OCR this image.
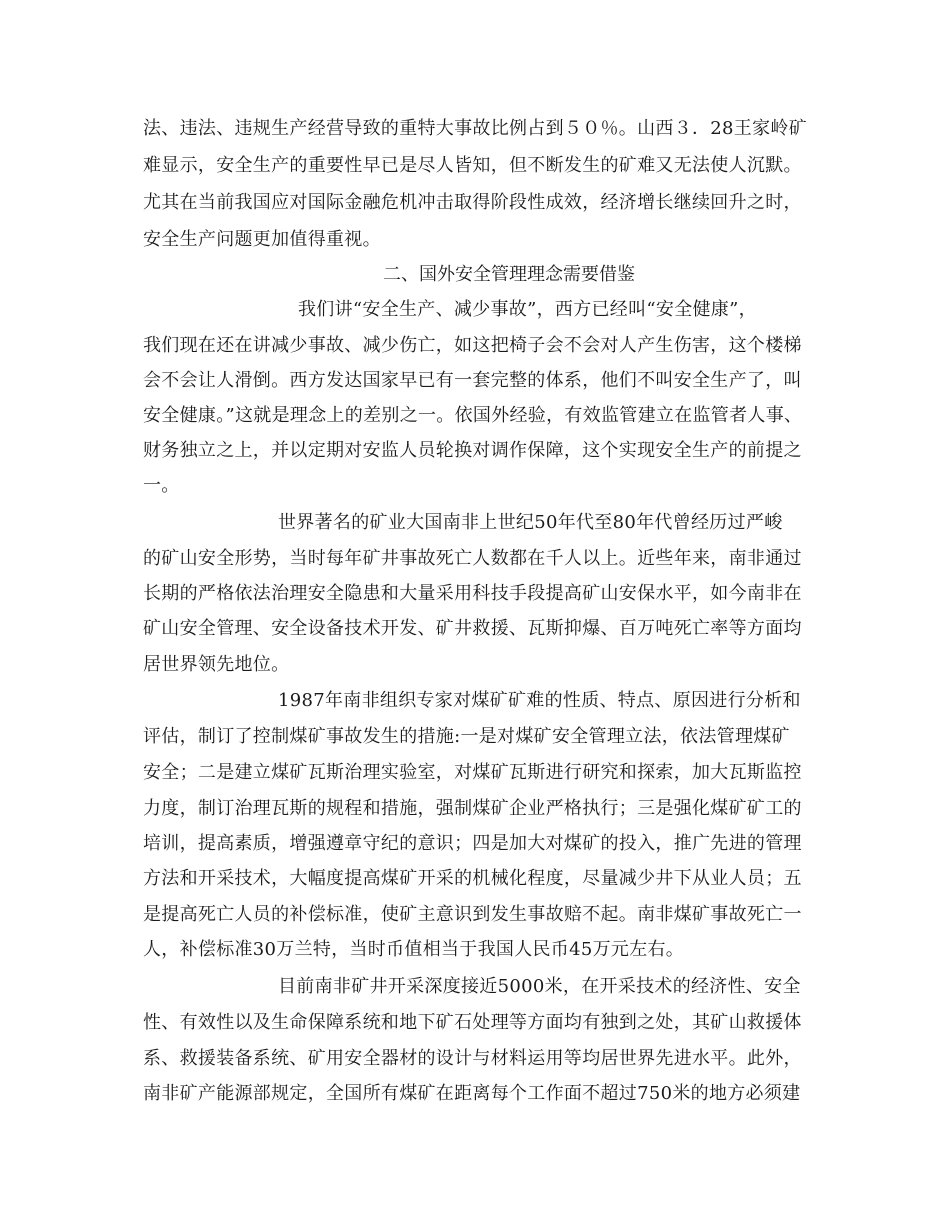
法、违法、违规生产经营导致的重特大事故比例占到５０％。山西３．28王家岭矿
难显示，安全生产的重要性早已是尽人皆知，但不断发生的矿难又无法使人沉默。
尤其在当前我国应对国际金融危机冲击取得阶段性成效，经济增长继续回升之时，
安全生产问题更加值得重视。
二、国外安全管理理念需要借鉴
我们讲“安全生产、减少事故”，西方已经叫“安全健康”，
我们现在还在讲减少事故、减少伤亡，如这把椅子会不会对人产生伤害，这个楼梯
会不会让人滑倒。西方发达国家早已有一套完整的体系，他们不叫安全生产了，叫
安全健康。”这就是理念上的差别之一。依国外经验，有效监管建立在监管者人事、
财务独立之上，并以定期对安监人员轮换对调作保障，这个实现安全生产的前提之
一。
世界著名的矿业大国南非上世纪50年代至80年代曾经历过严峻
的矿山安全形势，当时每年矿井事故死亡人数都在千人以上。近些年来，南非通过
长期的严格依法治理安全隐患和大量采用科技手段提高矿山安保水平，如今南非在
矿山安全管理、安全设备技术开发、矿井救援、瓦斯抑爆、百万吨死亡率等方面均
居世界领先地位。
1987年南非组织专家对煤矿矿难的性质、特点、原因进行分析和
评估，制订了控制煤矿事故发生的措施:一是对煤矿安全管理立法，依法管理煤矿
安全；二是建立煤矿瓦斯治理实验室，对煤矿瓦斯进行研究和探索，加大瓦斯监控
力度，制订治理瓦斯的规程和措施，强制煤矿企业严格执行；三是强化煤矿矿工的
培训，提高素质，增强遵章守纪的意识；四是加大对煤矿的投入，推广先进的管理
方法和开采技术，大幅度提高煤矿开采的机械化程度，尽量减少井下从业人员；五
是提高死亡人员的补偿标准，使矿主意识到发生事故赔不起。南非煤矿事故死亡一
人，补偿标准30万兰特，当时币值相当于我国人民币45万元左右。
目前南非矿井开采深度接近5000米，在开采技术的经济性、安全
性、有效性以及生命保障系统和地下矿石处理等方面均有独到之处，其矿山救援体
系、救援装备系统、矿用安全器材的设计与材料运用等均居世界先进水平。此外，
南非矿产能源部规定，全国所有煤矿在距离每个工作面不超过750米的地方必须建
